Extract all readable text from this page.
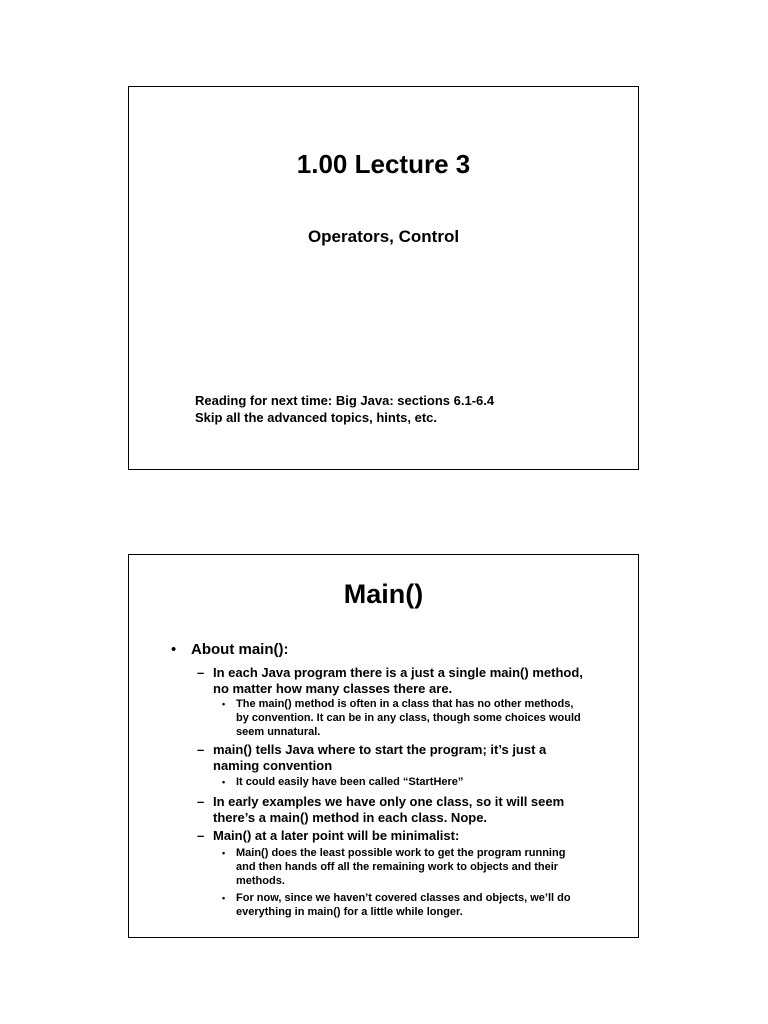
1.00 Lecture 3
Operators, Control
Reading for next time: Big Java: sections 6.1-6.4
Skip all the advanced topics, hints, etc.
Main()
• About main():
– In each Java program there is a just a single main() method, no matter how many classes there are.
• The main() method is often in a class that has no other methods, by convention. It can be in any class, though some choices would seem unnatural.
– main() tells Java where to start the program; it’s just a naming convention
• It could easily have been called “StartHere”
– In early examples we have only one class, so it will seem there’s a main() method in each class. Nope.
– Main() at a later point will be minimalist:
• Main() does the least possible work to get the program running and then hands off all the remaining work to objects and their methods.
• For now, since we haven’t covered classes and objects, we’ll do everything in main() for a little while longer.
